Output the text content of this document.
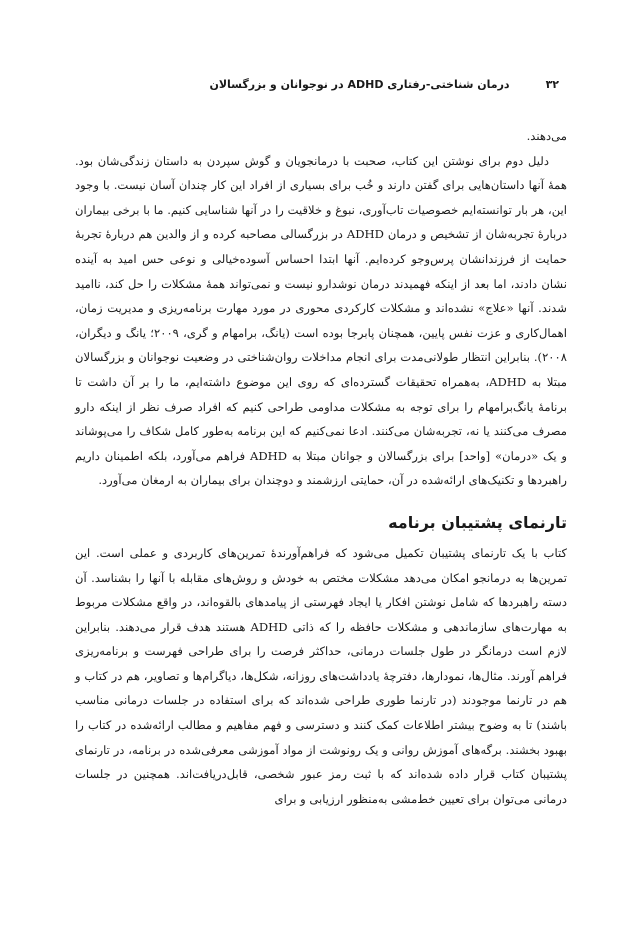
۳۲
درمان شناختی-رفتاری ADHD در نوجوانان و بزرگسالان

می‌دهند.

دلیل دوم برای نوشتن این کتاب، صحبت با درمانجویان و گوش سپردن به داستان زندگی‌شان بود. همهٔ آنها داستان‌هایی برای گفتن دارند و خُب برای بسیاری از افراد این کار چندان آسان نیست. با وجود این، هر بار توانسته‌ایم خصوصیات تاب‌آوری، نبوغ و خلاقیت را در آنها شناسایی کنیم. ما با برخی بیماران دربارهٔ تجربه‌شان از تشخیص و درمان ADHD در بزرگسالی مصاحبه کرده و از والدین هم دربارهٔ تجربهٔ حمایت از فرزندانشان پرس‌وجو کرده‌ایم. آنها ابتدا احساس آسوده‌خیالی و نوعی حس امید به آینده نشان دادند، اما بعد از اینکه فهمیدند درمان نوشدارو نیست و نمی‌تواند همهٔ مشکلات را حل کند، ناامید شدند. آنها «علاج» نشده‌اند و مشکلات کارکردی محوری در مورد مهارت برنامه‌ریزی و مدیریت زمان، اهمال‌کاری و عزت نفس پایین، همچنان پابرجا بوده است (یانگ، برامهام و گری، ۲۰۰۹؛ یانگ و دیگران، ۲۰۰۸). بنابراین انتظار طولانی‌مدت برای انجام مداخلات روان‌شناختی در وضعیت نوجوانان و بزرگسالان مبتلا به ADHD، به‌همراه تحقیقات گسترده‌ای که روی این موضوع داشته‌ایم، ما را بر آن داشت تا برنامهٔ یانگ‌برامهام را برای توجه به مشکلات مداومی طراحی کنیم که افراد صرف نظر از اینکه دارو مصرف می‌کنند یا نه، تجربه‌شان می‌کنند. ادعا نمی‌کنیم که این برنامه به‌طور کامل شکاف را می‌پوشاند و یک «درمان» [واحد] برای بزرگسالان و جوانان مبتلا به ADHD فراهم می‌آورد، بلکه اطمینان داریم راهبردها و تکنیک‌های ارائه‌شده در آن، حمایتی ارزشمند و دوچندان برای بیماران به ارمغان می‌آورد.

تارنمای پشتیبان برنامه

کتاب با یک تارنمای پشتیبان تکمیل می‌شود که فراهم‌آورندهٔ تمرین‌های کاربردی و عملی است. این تمرین‌ها به درمانجو امکان می‌دهد مشکلات مختص به خودش و روش‌های مقابله با آنها را بشناسد. آن دسته راهبردها که شامل نوشتن افکار یا ایجاد فهرستی از پیامدهای بالقوه‌اند، در واقع مشکلات مربوط به مهارت‌های سازماندهی و مشکلات حافظه را که ذاتی ADHD هستند هدف قرار می‌دهند. بنابراین لازم است درمانگر در طول جلسات درمانی، حداکثر فرصت را برای طراحی فهرست و برنامه‌ریزی فراهم آورند. مثال‌ها، نمودارها، دفترچهٔ یادداشت‌های روزانه، شکل‌ها، دیاگرام‌ها و تصاویر، هم در کتاب و هم در تارنما موجودند (در تارنما طوری طراحی شده‌اند که برای استفاده در جلسات درمانی مناسب باشند) تا به وضوح بیشتر اطلاعات کمک کنند و دسترسی و فهم مفاهیم و مطالب ارائه‌شده در کتاب را بهبود بخشند. برگه‌های آموزش روانی و یک رونوشت از مواد آموزشی معرفی‌شده در برنامه، در تارنمای پشتیبان کتاب قرار داده شده‌اند که با ثبت رمز عبور شخصی، قابل‌دریافت‌اند. همچنین در جلسات درمانی می‌توان برای تعیین خط‌مشی به‌منظور ارزیابی و برای
